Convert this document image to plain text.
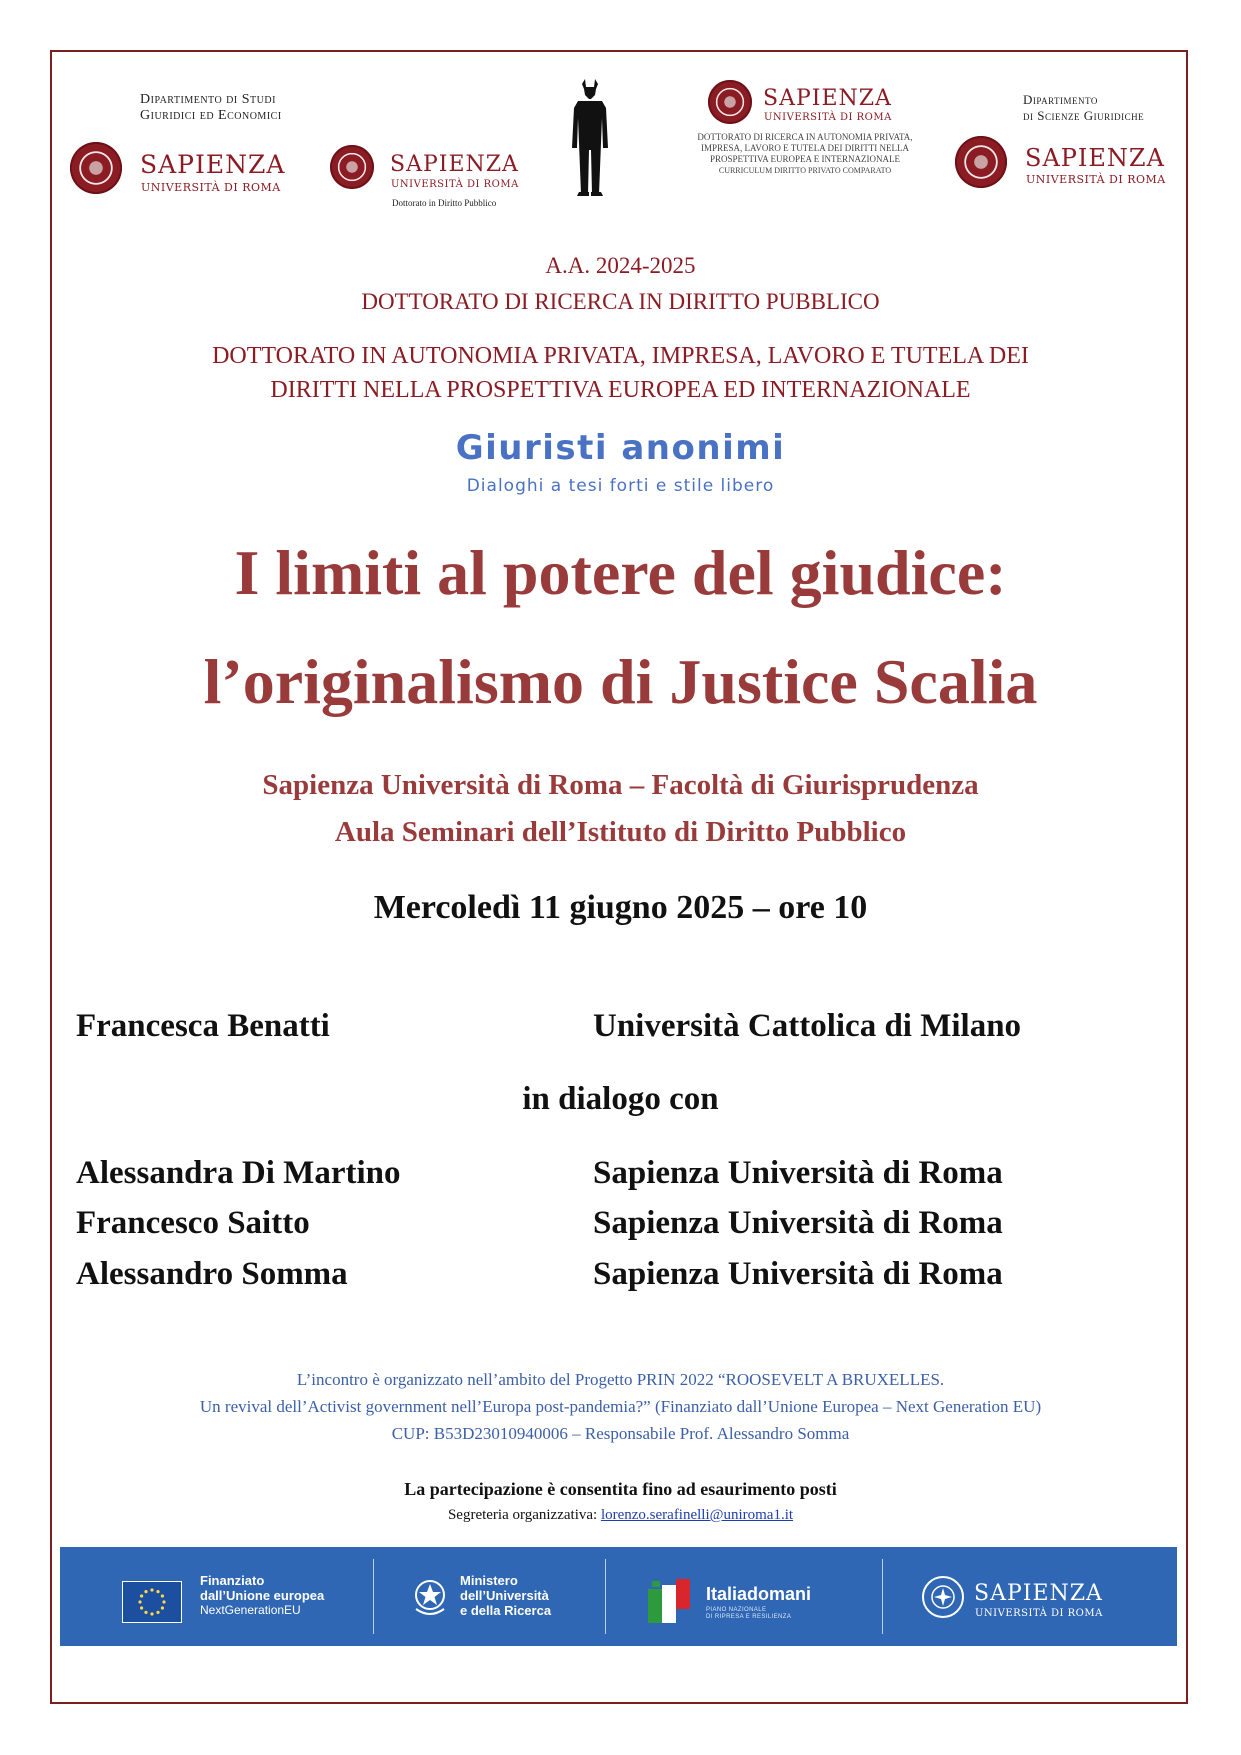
Dipartimento di Studi
Giuridici ed Economici
SAPIENZA
UNIVERSITÀ DI ROMA
SAPIENZA
UNIVERSITÀ DI ROMA
Dottorato in Diritto Pubblico
SAPIENZA
UNIVERSITÀ DI ROMA
DOTTORATO DI RICERCA IN AUTONOMIA PRIVATA,
IMPRESA, LAVORO E TUTELA DEI DIRITTI NELLA
PROSPETTIVA EUROPEA E INTERNAZIONALE
CURRICULUM DIRITTO PRIVATO COMPARATO
Dipartimento
di Scienze Giuridiche
SAPIENZA
UNIVERSITÀ DI ROMA
A.A. 2024-2025
DOTTORATO DI RICERCA IN DIRITTO PUBBLICO
DOTTORATO IN AUTONOMIA PRIVATA, IMPRESA, LAVORO E TUTELA DEI
DIRITTI NELLA PROSPETTIVA EUROPEA ED INTERNAZIONALE
Giuristi anonimi
Dialoghi a tesi forti e stile libero
I limiti al potere del giudice:
l’originalismo di Justice Scalia
Sapienza Università di Roma – Facoltà di Giurisprudenza
Aula Seminari dell’Istituto di Diritto Pubblico
Mercoledì 11 giugno 2025 – ore 10
Francesca Benatti	Università Cattolica di Milano
in dialogo con
Alessandra Di Martino	Sapienza Università di Roma
Francesco Saitto	Sapienza Università di Roma
Alessandro Somma	Sapienza Università di Roma
L’incontro è organizzato nell’ambito del Progetto PRIN 2022 “ROOSEVELT A BRUXELLES.
Un revival dell’Activist government nell’Europa post-pandemia?” (Finanziato dall’Unione Europea – Next Generation EU)
CUP: B53D23010940006 – Responsabile Prof. Alessandro Somma
La partecipazione è consentita fino ad esaurimento posti
Segreteria organizzativa: lorenzo.serafinelli@uniroma1.it
Finanziato
dall’Unione europea
NextGenerationEU
Ministero
dell’Università
e della Ricerca
Italiadomani
PIANO NAZIONALE
DI RIPRESA E RESILIENZA
SAPIENZA
UNIVERSITÀ DI ROMA
